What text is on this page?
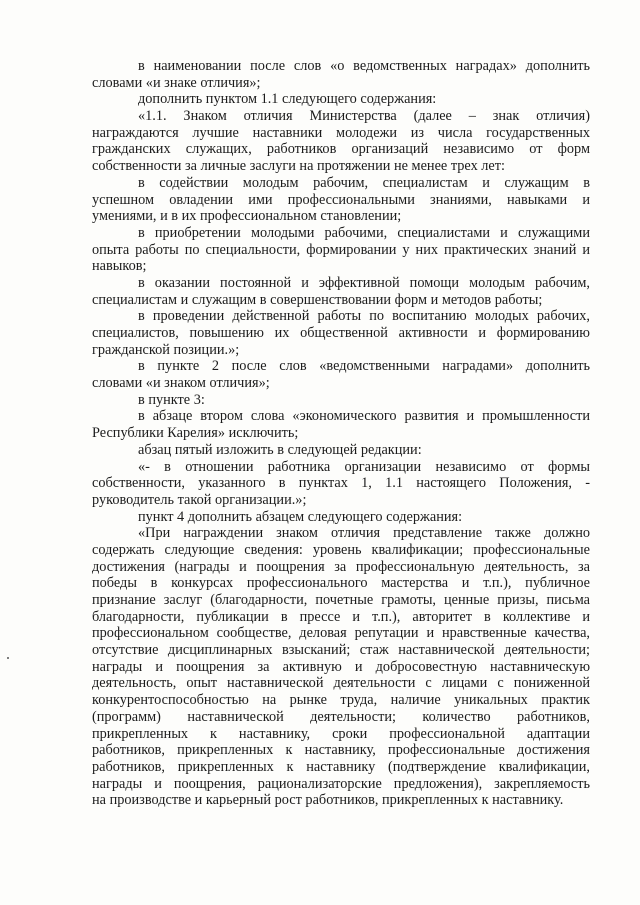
в наименовании после слов «о ведомственных наградах» дополнить
словами «и знаке отличия»;
дополнить пунктом 1.1 следующего содержания:
«1.1. Знаком отличия Министерства (далее – знак отличия)
награждаются лучшие наставники молодежи из числа государственных
гражданских служащих, работников организаций независимо от форм
собственности за личные заслуги на протяжении не менее трех лет:
в содействии молодым рабочим, специалистам и служащим в
успешном овладении ими профессиональными знаниями, навыками и
умениями, и в их профессиональном становлении;
в приобретении молодыми рабочими, специалистами и служащими
опыта работы по специальности, формировании у них практических знаний и
навыков;
в оказании постоянной и эффективной помощи молодым рабочим,
специалистам и служащим в совершенствовании форм и методов работы;
в проведении действенной работы по воспитанию молодых рабочих,
специалистов, повышению их общественной активности и формированию
гражданской позиции.»;
в пункте 2 после слов «ведомственными наградами» дополнить
словами «и знаком отличия»;
в пункте 3:
в абзаце втором слова «экономического развития и промышленности
Республики Карелия» исключить;
абзац пятый изложить в следующей редакции:
«- в отношении работника организации независимо от формы
собственности, указанного в пунктах 1, 1.1 настоящего Положения, -
руководитель такой организации.»;
пункт 4 дополнить абзацем следующего содержания:
«При награждении знаком отличия представление также должно
содержать следующие сведения: уровень квалификации; профессиональные
достижения (награды и поощрения за профессиональную деятельность, за
победы в конкурсах профессионального мастерства и т.п.), публичное
признание заслуг (благодарности, почетные грамоты, ценные призы, письма
благодарности, публикации в прессе и т.п.), авторитет в коллективе и
профессиональном сообществе, деловая репутации и нравственные качества,
отсутствие дисциплинарных взысканий; стаж наставнической деятельности;
награды и поощрения за активную и добросовестную наставническую
деятельность, опыт наставнической деятельности с лицами с пониженной
конкурентоспособностью на рынке труда, наличие уникальных практик
(программ) наставнической деятельности; количество работников,
прикрепленных к наставнику, сроки профессиональной адаптации
работников, прикрепленных к наставнику, профессиональные достижения
работников, прикрепленных к наставнику (подтверждение квалификации,
награды и поощрения, рационализаторские предложения), закрепляемость
на производстве и карьерный рост работников, прикрепленных к наставнику.
